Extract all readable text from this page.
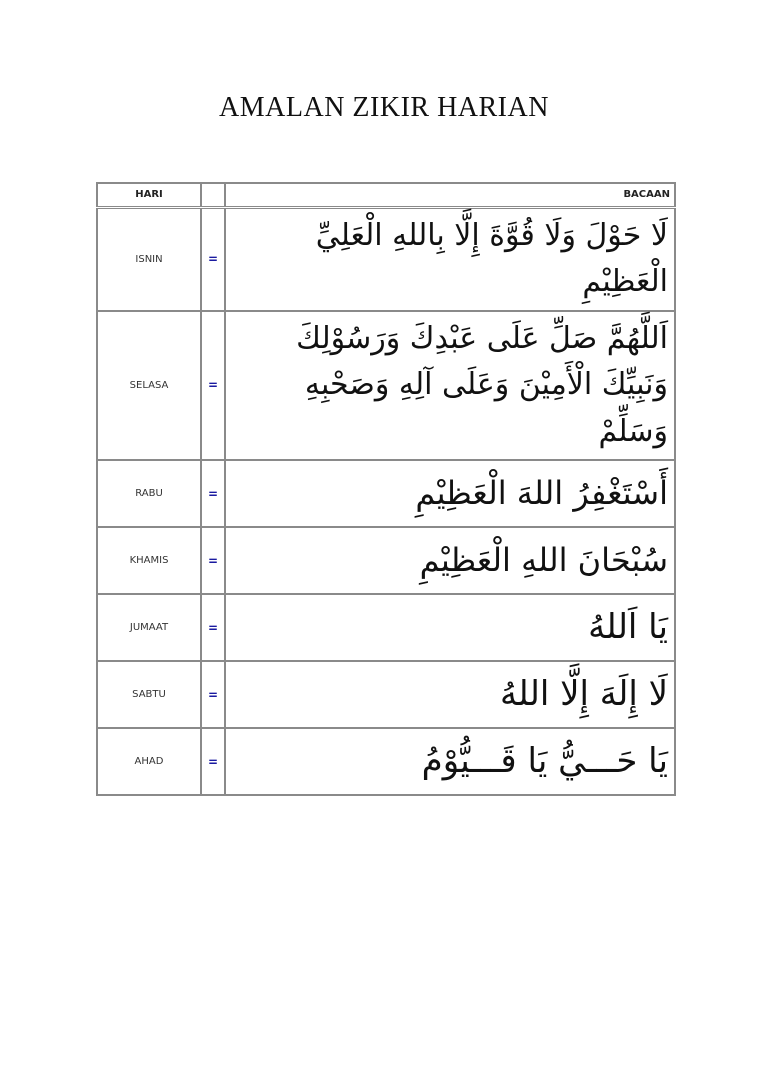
AMALAN ZIKIR HARIAN
HARI		BACAAN
ISNIN	=	لَا حَوْلَ وَلَا قُوَّةَ إِلَّا بِاللهِ الْعَلِيِّ الْعَظِيْمِ
SELASA	=	اَللَّهُمَّ صَلِّ عَلَى عَبْدِكَ وَرَسُوْلِكَ وَنَبِيِّكَ الْأَمِيْنَ وَعَلَى آلِهِ وَصَحْبِهِ وَسَلِّمْ
RABU	=	أَسْتَغْفِرُ اللهَ الْعَظِيْمِ
KHAMIS	=	سُبْحَانَ اللهِ الْعَظِيْمِ
JUMAAT	=	يَا اَللهُ
SABTU	=	لَا إِلَهَ إِلَّا اللهُ
AHAD	=	يَا حَـــيُّ يَا قَـــيُّوْمُ
